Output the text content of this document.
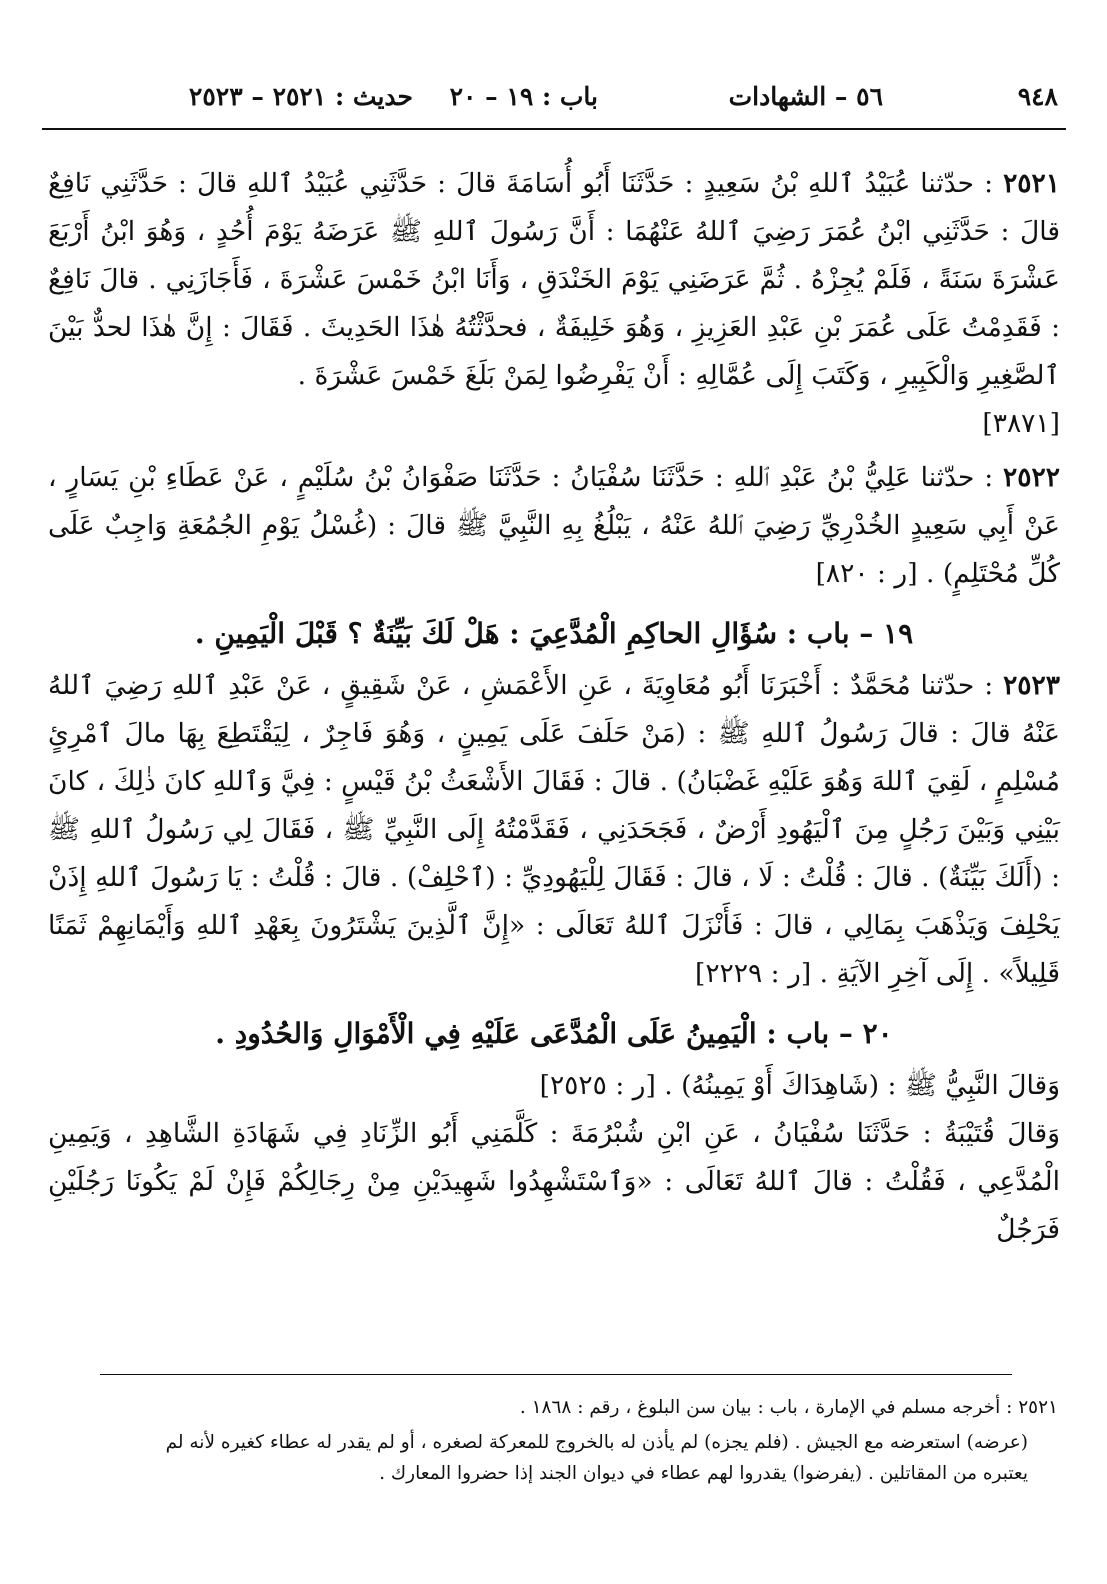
٩٤٨
٥٦ – الشهادات
باب : ١٩ – ٢٠
حديث : ٢٥٢١ – ٢٥٢٣

٢٥٢١ : حدّثنا عُبَيْدُ ٱللهِ بْنُ سَعِيدٍ : حَدَّثَنَا أَبُو أُسَامَةَ قالَ : حَدَّثَنِي عُبَيْدُ ٱللهِ قالَ : حَدَّثَنِي نَافِعٌ قالَ : حَدَّثَنِي ابْنُ عُمَرَ رَضِيَ ٱللهُ عَنْهُمَا : أَنَّ رَسُولَ ٱللهِ ﷺ عَرَضَهُ يَوْمَ أُحُدٍ ، وَهُوَ ابْنُ أَرْبَعَ عَشْرَةَ سَنَةً ، فَلَمْ يُجِزْهُ . ثُمَّ عَرَضَنِي يَوْمَ الخَنْدَقِ ، وَأَنَا ابْنُ خَمْسَ عَشْرَةَ ، فَأَجَازَنِي . قالَ نَافِعٌ : فَقَدِمْتُ عَلَى عُمَرَ بْنِ عَبْدِ العَزِيزِ ، وَهُوَ خَلِيفَةٌ ، فحدَّثْتُهُ هٰذَا الحَدِيثَ . فَقَالَ : إِنَّ هٰذَا لحدٌّ بَيْنَ ٱلصَّغِيرِ وَالْكَبِيرِ ، وَكَتَبَ إِلَى عُمَّالِهِ : أَنْ يَفْرِضُوا لِمَنْ بَلَغَ خَمْسَ عَشْرَةَ .

[٣٨٧١]

٢٥٢٢ : حدّثنا عَلِيُّ بْنُ عَبْدِ ٱللهِ : حَدَّثَنَا سُفْيَانُ : حَدَّثَنَا صَفْوَانُ بْنُ سُلَيْمٍ ، عَنْ عَطَاءِ بْنِ يَسَارٍ ، عَنْ أَبِي سَعِيدٍ الخُدْرِيِّ رَضِيَ ٱللهُ عَنْهُ ، يَبْلُغُ بِهِ النَّبِيَّ ﷺ قالَ : (غُسْلُ يَوْمِ الجُمُعَةِ وَاجِبٌ عَلَى كُلِّ مُحْتَلِمٍ) . [ر : ٨٢٠]

١٩ – باب : سُؤَالِ الحاكِمِ الْمُدَّعِيَ : هَلْ لَكَ بَيِّنَةٌ ؟ قَبْلَ الْيَمِينِ .

٢٥٢٣ : حدّثنا مُحَمَّدٌ : أَخْبَرَنَا أَبُو مُعَاوِيَةَ ، عَنِ الأَعْمَشِ ، عَنْ شَقِيقٍ ، عَنْ عَبْدِ ٱللهِ رَضِيَ ٱللهُ عَنْهُ قالَ : قالَ رَسُولُ ٱللهِ ﷺ : (مَنْ حَلَفَ عَلَى يَمِينٍ ، وَهُوَ فَاجِرٌ ، لِيَقْتَطِعَ بِهَا مالَ ٱمْرِئٍ مُسْلِمٍ ، لَقِيَ ٱللهَ وَهُوَ عَلَيْهِ غَضْبَانُ) . قالَ : فَقَالَ الأَشْعَثُ بْنُ قَيْسٍ : فِيَّ وَٱللهِ كانَ ذٰلِكَ ، كانَ بَيْنِي وَبَيْنَ رَجُلٍ مِنَ ٱلْيَهُودِ أَرْضٌ ، فَجَحَدَنِي ، فَقَدَّمْتُهُ إِلَى النَّبِيِّ ﷺ ، فَقَالَ لِي رَسُولُ ٱللهِ ﷺ : (أَلَكَ بَيِّنَةٌ) . قالَ : قُلْتُ : لَا ، قالَ : فَقَالَ لِلْيَهُودِيِّ : (ٱحْلِفْ) . قالَ : قُلْتُ : يَا رَسُولَ ٱللهِ إِذَنْ يَحْلِفَ وَيَذْهَبَ بِمَالِي ، قالَ : فَأَنْزَلَ ٱللهُ تَعَالَى : «إِنَّ ٱلَّذِينَ يَشْتَرُونَ بِعَهْدِ ٱللهِ وَأَيْمَانِهِمْ ثَمَنًا قَلِيلاً» . إِلَى آخِرِ الآيَةِ . [ر : ٢٢٢٩]

٢٠ – باب : الْيَمِينُ عَلَى الْمُدَّعَى عَلَيْهِ فِي الْأَمْوَالِ وَالحُدُودِ .

وَقالَ النَّبِيُّ ﷺ : (شَاهِدَاكَ أَوْ يَمِينُهُ) . [ر : ٢٥٢٥]

وَقالَ قُتَيْبَةُ : حَدَّثَنَا سُفْيَانُ ، عَنِ ابْنِ شُبْرُمَةَ : كَلَّمَنِي أَبُو الزِّنَادِ فِي شَهَادَةِ الشَّاهِدِ ، وَيَمِينِ الْمُدَّعِي ، فَقُلْتُ : قالَ ٱللهُ تَعَالَى : «وَٱسْتَشْهِدُوا شَهِيدَيْنِ مِنْ رِجَالِكُمْ فَإِنْ لَمْ يَكُونَا رَجُلَيْنِ فَرَجُلٌ

٢٥٢١ : أخرجه مسلم في الإمارة ، باب : بيان سن البلوغ ، رقم : ١٨٦٨ .

(عرضه) استعرضه مع الجيش . (فلم يجزه) لم يأذن له بالخروج للمعركة لصغره ، أو لم يقدر له عطاء كغيره لأنه لم يعتبره من المقاتلين . (يفرضوا) يقدروا لهم عطاء في ديوان الجند إذا حضروا المعارك .
